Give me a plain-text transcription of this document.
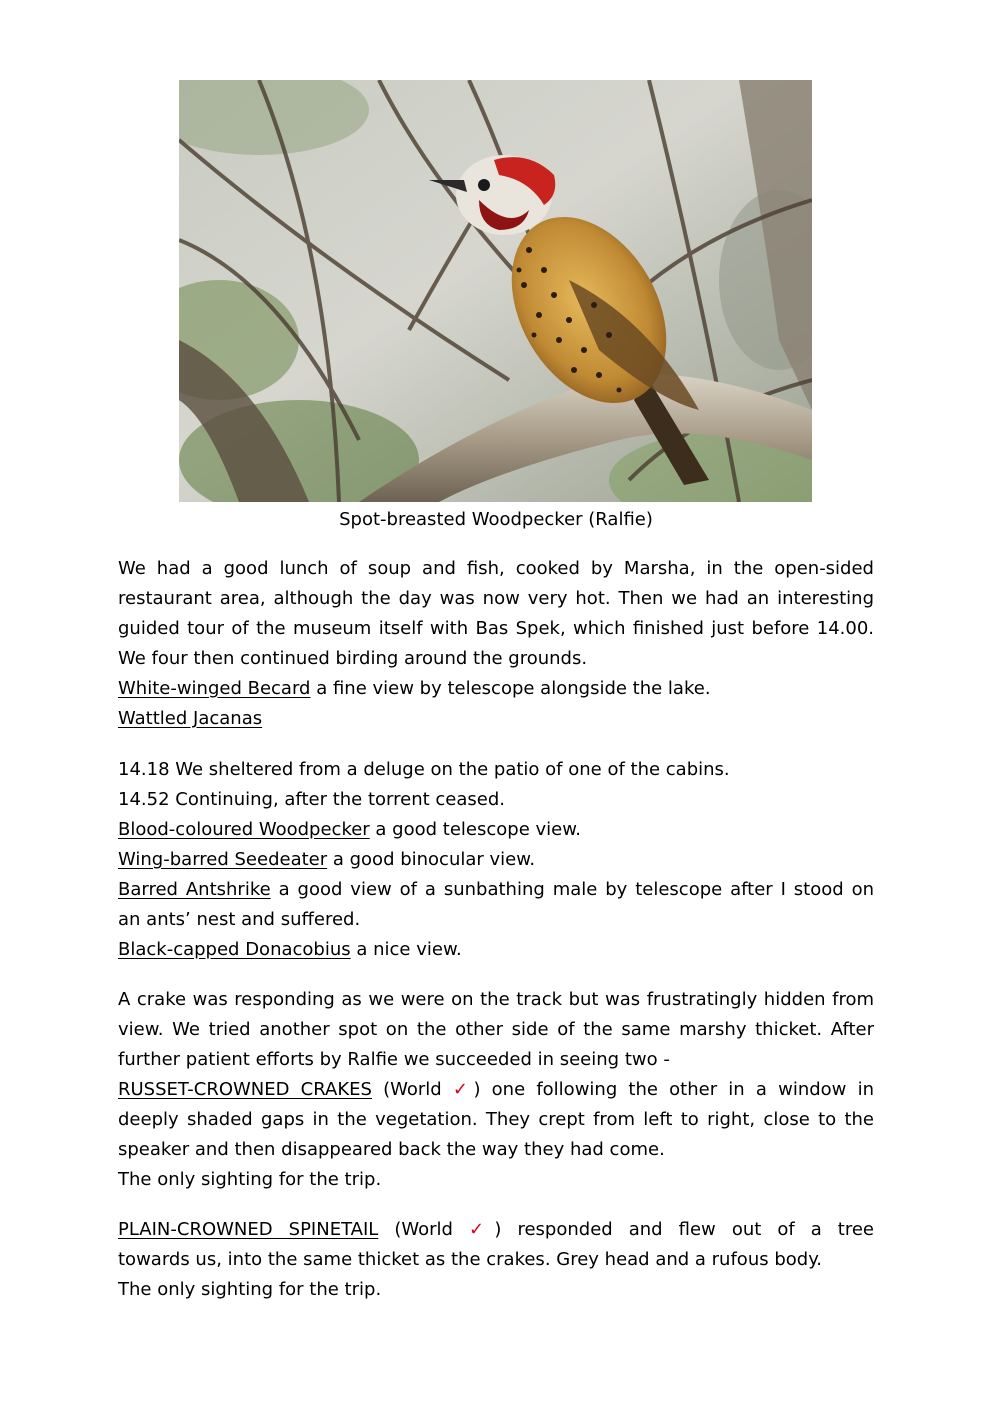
Spot-breasted Woodpecker (Ralfie)
We had a good lunch of soup and fish, cooked by Marsha, in the open-sided
restaurant area, although the day was now very hot. Then we had an interesting
guided tour of the museum itself with Bas Spek, which finished just before 14.00.
We four then continued birding around the grounds.
White-winged Becard a fine view by telescope alongside the lake.
Wattled Jacanas
14.18 We sheltered from a deluge on the patio of one of the cabins.
14.52 Continuing, after the torrent ceased.
Blood-coloured Woodpecker a good telescope view.
Wing-barred Seedeater a good binocular view.
Barred Antshrike a good view of a sunbathing male by telescope after I stood on
an ants’ nest and suffered.
Black-capped Donacobius a nice view.
A crake was responding as we were on the track but was frustratingly hidden from
view. We tried another spot on the other side of the same marshy thicket. After
further patient efforts by Ralfie we succeeded in seeing two -
RUSSET-CROWNED CRAKES (World ✓) one following the other in a window in
deeply shaded gaps in the vegetation. They crept from left to right, close to the
speaker and then disappeared back the way they had come.
The only sighting for the trip.
PLAIN-CROWNED SPINETAIL (World ✓) responded and flew out of a tree
towards us, into the same thicket as the crakes. Grey head and a rufous body.
The only sighting for the trip.
